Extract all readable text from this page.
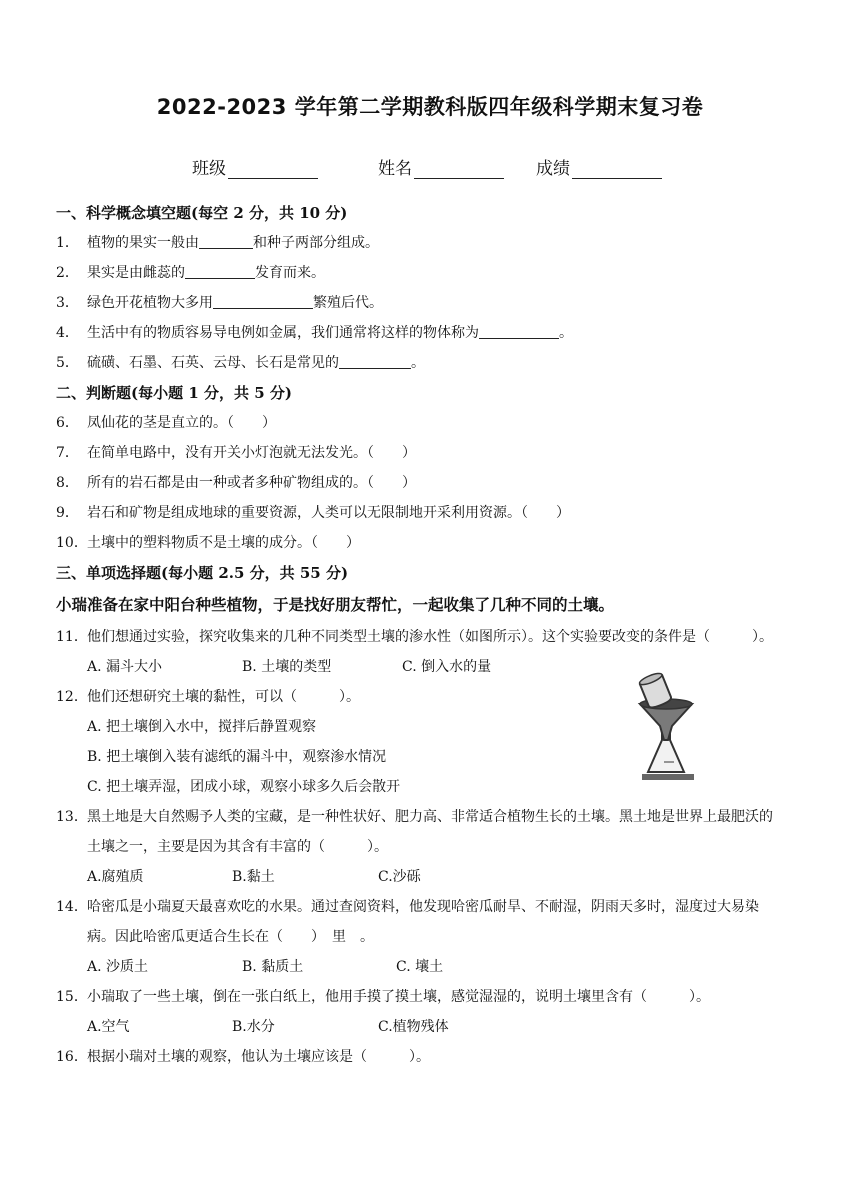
2022-2023 学年第二学期教科版四年级科学期末复习卷
班级	姓名	成绩
一、科学概念填空题(每空 2 分，共 10 分)
1． 植物的果实一般由	和种子两部分组成。
2． 果实是由雌蕊的	发育而来。
3． 绿色开花植物大多用	繁殖后代。
4． 生活中有的物质容易导电例如金属，我们通常将这样的物体称为	。
5． 硫磺、石墨、石英、云母、长石是常见的	。
二、判断题(每小题 1 分，共 5 分)
6． 凤仙花的茎是直立的。（　　）
7． 在简单电路中，没有开关小灯泡就无法发光。（　　）
8． 所有的岩石都是由一种或者多种矿物组成的。（　　）
9． 岩石和矿物是组成地球的重要资源，人类可以无限制地开采利用资源。（　　）
10． 土壤中的塑料物质不是土壤的成分。（　　）
三、单项选择题(每小题 2.5 分，共 55 分)
小瑞准备在家中阳台种些植物，于是找好朋友帮忙，一起收集了几种不同的土壤。
11． 他们想通过实验，探究收集来的几种不同类型土壤的渗水性（如图所示）。这个实验要改变的条件是（　　　）。
A. 漏斗大小	B. 土壤的类型	C. 倒入水的量
12． 他们还想研究土壤的黏性，可以（　　　）。
A. 把土壤倒入水中，搅拌后静置观察
B. 把土壤倒入装有滤纸的漏斗中，观察渗水情况
C. 把土壤弄湿，团成小球，观察小球多久后会散开
13． 黑土地是大自然赐予人类的宝藏，是一种性状好、肥力高、非常适合植物生长的土壤。黑土地是世界上最肥沃的土壤之一，主要是因为其含有丰富的（　　　）。
A.腐殖质	B.黏土	C.沙砾
14． 哈密瓜是小瑞夏天最喜欢吃的水果。通过查阅资料，他发现哈密瓜耐旱、不耐湿，阴雨天多时，湿度过大易染病。因此哈密瓜更适合生长在（　　）　里　。
A. 沙质土	B. 黏质土	C. 壤土
15． 小瑞取了一些土壤，倒在一张白纸上，他用手摸了摸土壤，感觉湿湿的，说明土壤里含有（　　　）。
A.空气	B.水分	C.植物残体
16． 根据小瑞对土壤的观察，他认为土壤应该是（　　　）。
